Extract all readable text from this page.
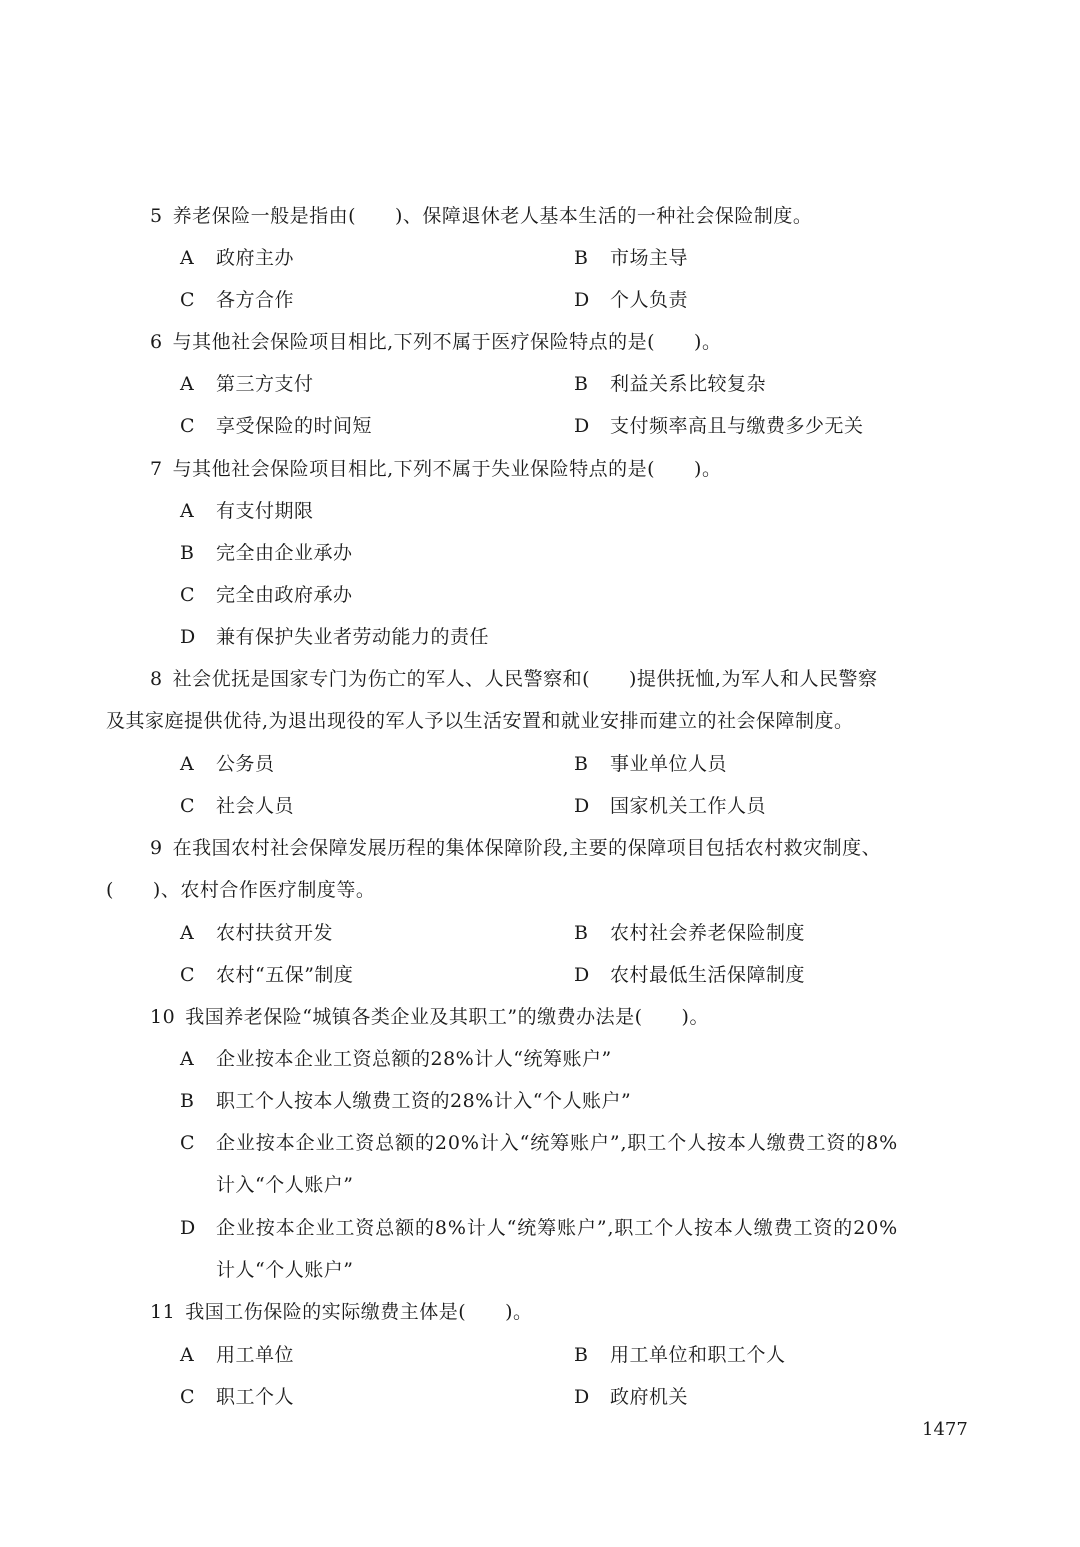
5 养老保险一般是指由(　　)、保障退休老人基本生活的一种社会保险制度。
A 政府主办	B 市场主导
C 各方合作	D 个人负责
6 与其他社会保险项目相比,下列不属于医疗保险特点的是(　　)。
A 第三方支付	B 利益关系比较复杂
C 享受保险的时间短	D 支付频率高且与缴费多少无关
7 与其他社会保险项目相比,下列不属于失业保险特点的是(　　)。
A 有支付期限
B 完全由企业承办
C 完全由政府承办
D 兼有保护失业者劳动能力的责任
8 社会优抚是国家专门为伤亡的军人、人民警察和(　　)提供抚恤,为军人和人民警察
及其家庭提供优待,为退出现役的军人予以生活安置和就业安排而建立的社会保障制度。
A 公务员	B 事业单位人员
C 社会人员	D 国家机关工作人员
9 在我国农村社会保障发展历程的集体保障阶段,主要的保障项目包括农村救灾制度、
(　　)、农村合作医疗制度等。
A 农村扶贫开发	B 农村社会养老保险制度
C 农村“五保”制度	D 农村最低生活保障制度
10 我国养老保险“城镇各类企业及其职工”的缴费办法是(　　)。
A 企业按本企业工资总额的28%计人“统筹账户”
B 职工个人按本人缴费工资的28%计入“个人账户”
C 企业按本企业工资总额的20%计入“统筹账户”,职工个人按本人缴费工资的8%
计入“个人账户”
D 企业按本企业工资总额的8%计人“统筹账户”,职工个人按本人缴费工资的20%
计人“个人账户”
11 我国工伤保险的实际缴费主体是(　　)。
A 用工单位	B 用工单位和职工个人
C 职工个人	D 政府机关
1477
